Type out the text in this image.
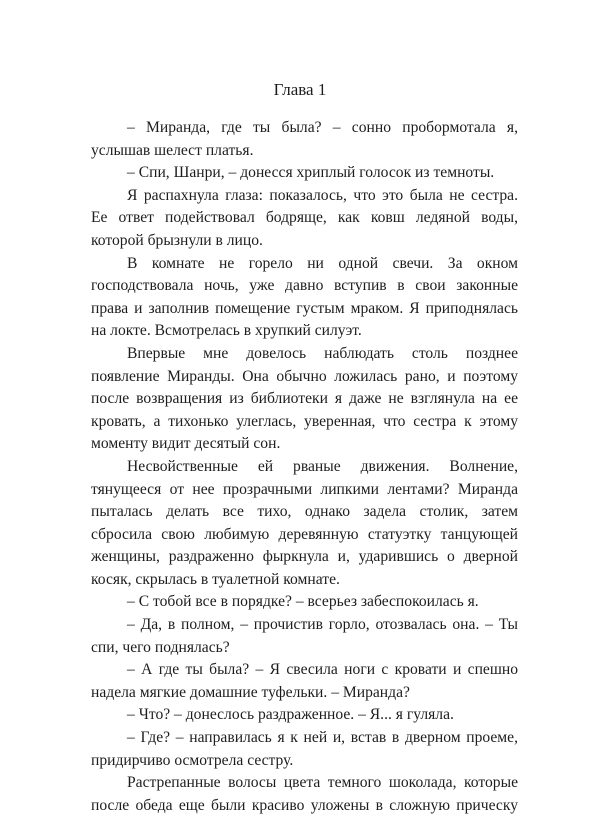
Глава 1
– Миранда, где ты была? – сонно пробормотала я,
услышав шелест платья.
– Спи, Шанри, – донесся хриплый голосок из темноты.
Я распахнула глаза: показалось, что это была не сестра.
Ее ответ подействовал бодряще, как ковш ледяной воды,
которой брызнули в лицо.
В комнате не горело ни одной свечи. За окном
господствовала ночь, уже давно вступив в свои законные
права и заполнив помещение густым мраком. Я приподнялась
на локте. Всмотрелась в хрупкий силуэт.
Впервые мне довелось наблюдать столь позднее
появление Миранды. Она обычно ложилась рано, и поэтому
после возвращения из библиотеки я даже не взглянула на ее
кровать, а тихонько улеглась, уверенная, что сестра к этому
моменту видит десятый сон.
Несвойственные ей рваные движения. Волнение,
тянущееся от нее прозрачными липкими лентами? Миранда
пыталась делать все тихо, однако задела столик, затем
сбросила свою любимую деревянную статуэтку танцующей
женщины, раздраженно фыркнула и, ударившись о дверной
косяк, скрылась в туалетной комнате.
– С тобой все в порядке? – всерьез забеспокоилась я.
– Да, в полном, – прочистив горло, отозвалась она. – Ты
спи, чего поднялась?
– А где ты была? – Я свесила ноги с кровати и спешно
надела мягкие домашние туфельки. – Миранда?
– Что? – донеслось раздраженное. – Я... я гуляла.
– Где? – направилась я к ней и, встав в дверном проеме,
придирчиво осмотрела сестру.
Растрепанные волосы цвета темного шоколада, которые
после обеда еще были красиво уложены в сложную прическу
